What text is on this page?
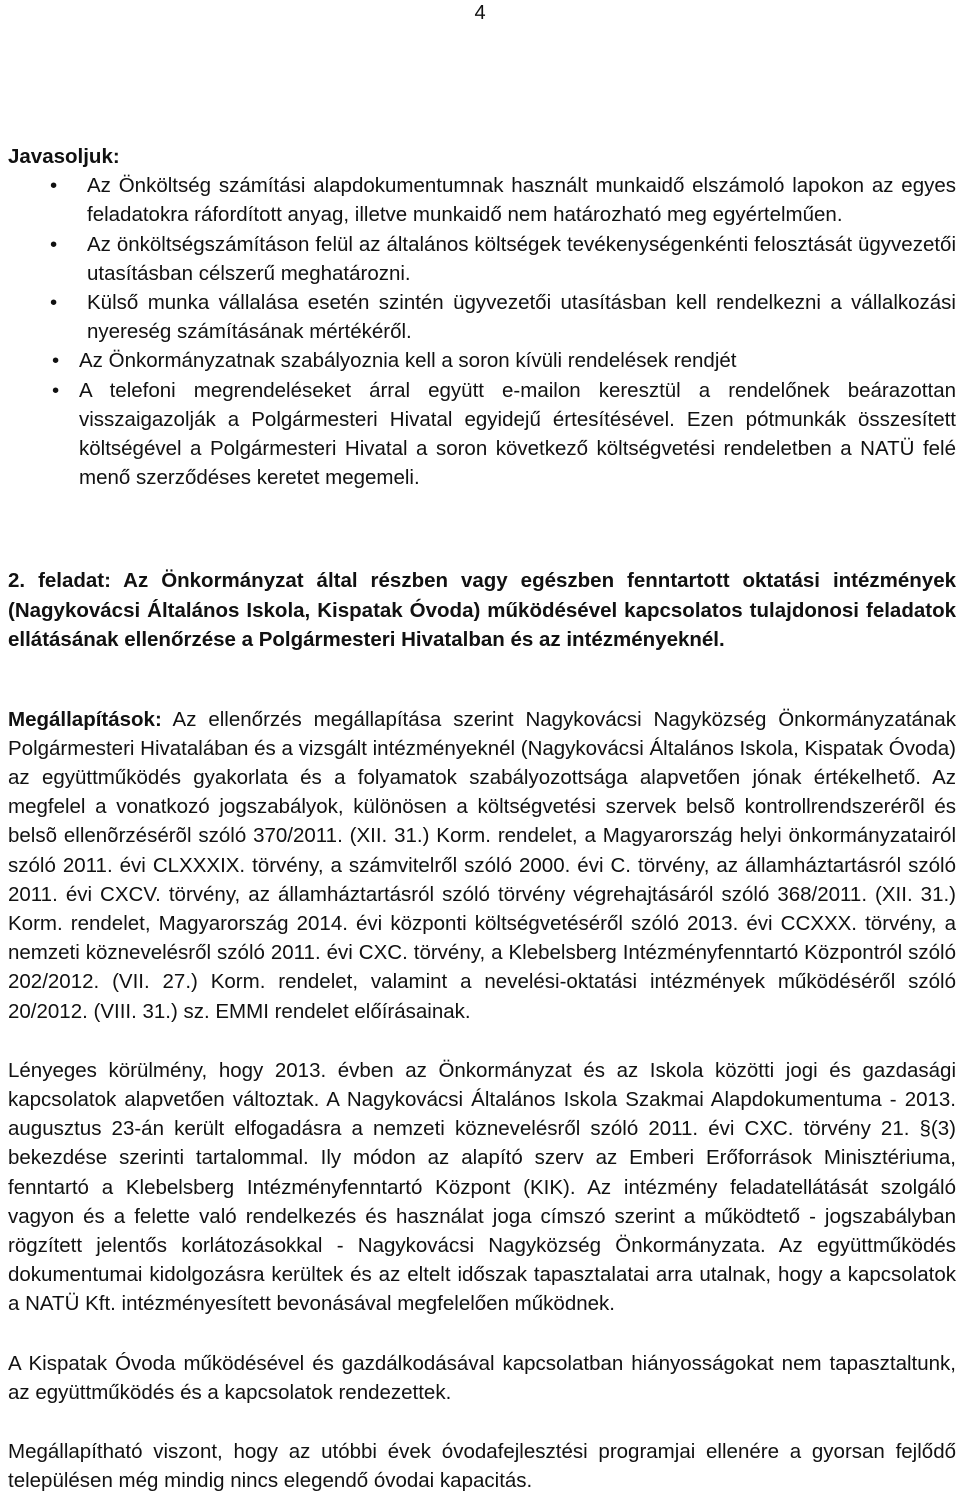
4

Javasoljuk:

• Az Önköltség számítási alapdokumentumnak használt munkaidő elszámoló lapokon az egyes feladatokra ráfordított anyag, illetve munkaidő nem határozható meg egyértelműen.
• Az önköltségszámításon felül az általános költségek tevékenységenkénti felosztását ügyvezetői utasításban célszerű meghatározni.
• Külső munka vállalása esetén szintén ügyvezetői utasításban kell rendelkezni a vállalkozási nyereség számításának mértékéről.
• Az Önkormányzatnak szabályoznia kell a soron kívüli rendelések rendjét
• A telefoni megrendeléseket árral együtt e-mailon keresztül a rendelőnek beárazottan visszaigazolják a Polgármesteri Hivatal egyidejű értesítésével. Ezen pótmunkák összesített költségével a Polgármesteri Hivatal a soron következő költségvetési rendeletben a NATÜ felé menő szerződéses keretet megemeli.

2. feladat: Az Önkormányzat által részben vagy egészben fenntartott oktatási intézmények (Nagykovácsi Általános Iskola, Kispatak Óvoda) működésével kapcsolatos tulajdonosi feladatok ellátásának ellenőrzése a Polgármesteri Hivatalban és az intézményeknél.

Megállapítások: Az ellenőrzés megállapítása szerint Nagykovácsi Nagyközség Önkormányzatának Polgármesteri Hivatalában és a vizsgált intézményeknél (Nagykovácsi Általános Iskola, Kispatak Óvoda) az együttműködés gyakorlata és a folyamatok szabályozottsága alapvetően jónak értékelhető. Az megfelel a vonatkozó jogszabályok, különösen a költségvetési szervek belsõ kontrollrendszerérõl és belsõ ellenõrzésérõl szóló 370/2011. (XII. 31.) Korm. rendelet, a Magyarország helyi önkormányzatairól szóló 2011. évi CLXXXIX. törvény, a számvitelről szóló 2000. évi C. törvény, az államháztartásról szóló 2011. évi CXCV. törvény, az államháztartásról szóló törvény végrehajtásáról szóló 368/2011. (XII. 31.) Korm. rendelet, Magyarország 2014. évi központi költségvetéséről szóló 2013. évi CCXXX. törvény, a nemzeti köznevelésről szóló 2011. évi CXC. törvény, a Klebelsberg Intézményfenntartó Központról szóló 202/2012. (VII. 27.) Korm. rendelet, valamint a nevelési-oktatási intézmények működéséről szóló 20/2012. (VIII. 31.) sz. EMMI rendelet előírásainak.

Lényeges körülmény, hogy 2013. évben az Önkormányzat és az Iskola közötti jogi és gazdasági kapcsolatok alapvetően változtak. A Nagykovácsi Általános Iskola Szakmai Alapdokumentuma - 2013. augusztus 23-án került elfogadásra a nemzeti köznevelésről szóló 2011. évi CXC. törvény 21. §(3) bekezdése szerinti tartalommal. Ily módon az alapító szerv az Emberi Erőforrások Minisztériuma, fenntartó a Klebelsberg Intézményfenntartó Központ (KIK). Az intézmény feladatellátását szolgáló vagyon és a felette való rendelkezés és használat joga címszó szerint a működtető - jogszabályban rögzített jelentős korlátozásokkal - Nagykovácsi Nagyközség Önkormányzata. Az együttműködés dokumentumai kidolgozásra kerültek és az eltelt időszak tapasztalatai arra utalnak, hogy a kapcsolatok a NATÜ Kft. intézményesített bevonásával megfelelően működnek.

A Kispatak Óvoda működésével és gazdálkodásával kapcsolatban hiányosságokat nem tapasztaltunk, az együttműködés és a kapcsolatok rendezettek.

Megállapítható viszont, hogy az utóbbi évek óvodafejlesztési programjai ellenére a gyorsan fejlődő településen még mindig nincs elegendő óvodai kapacitás.
